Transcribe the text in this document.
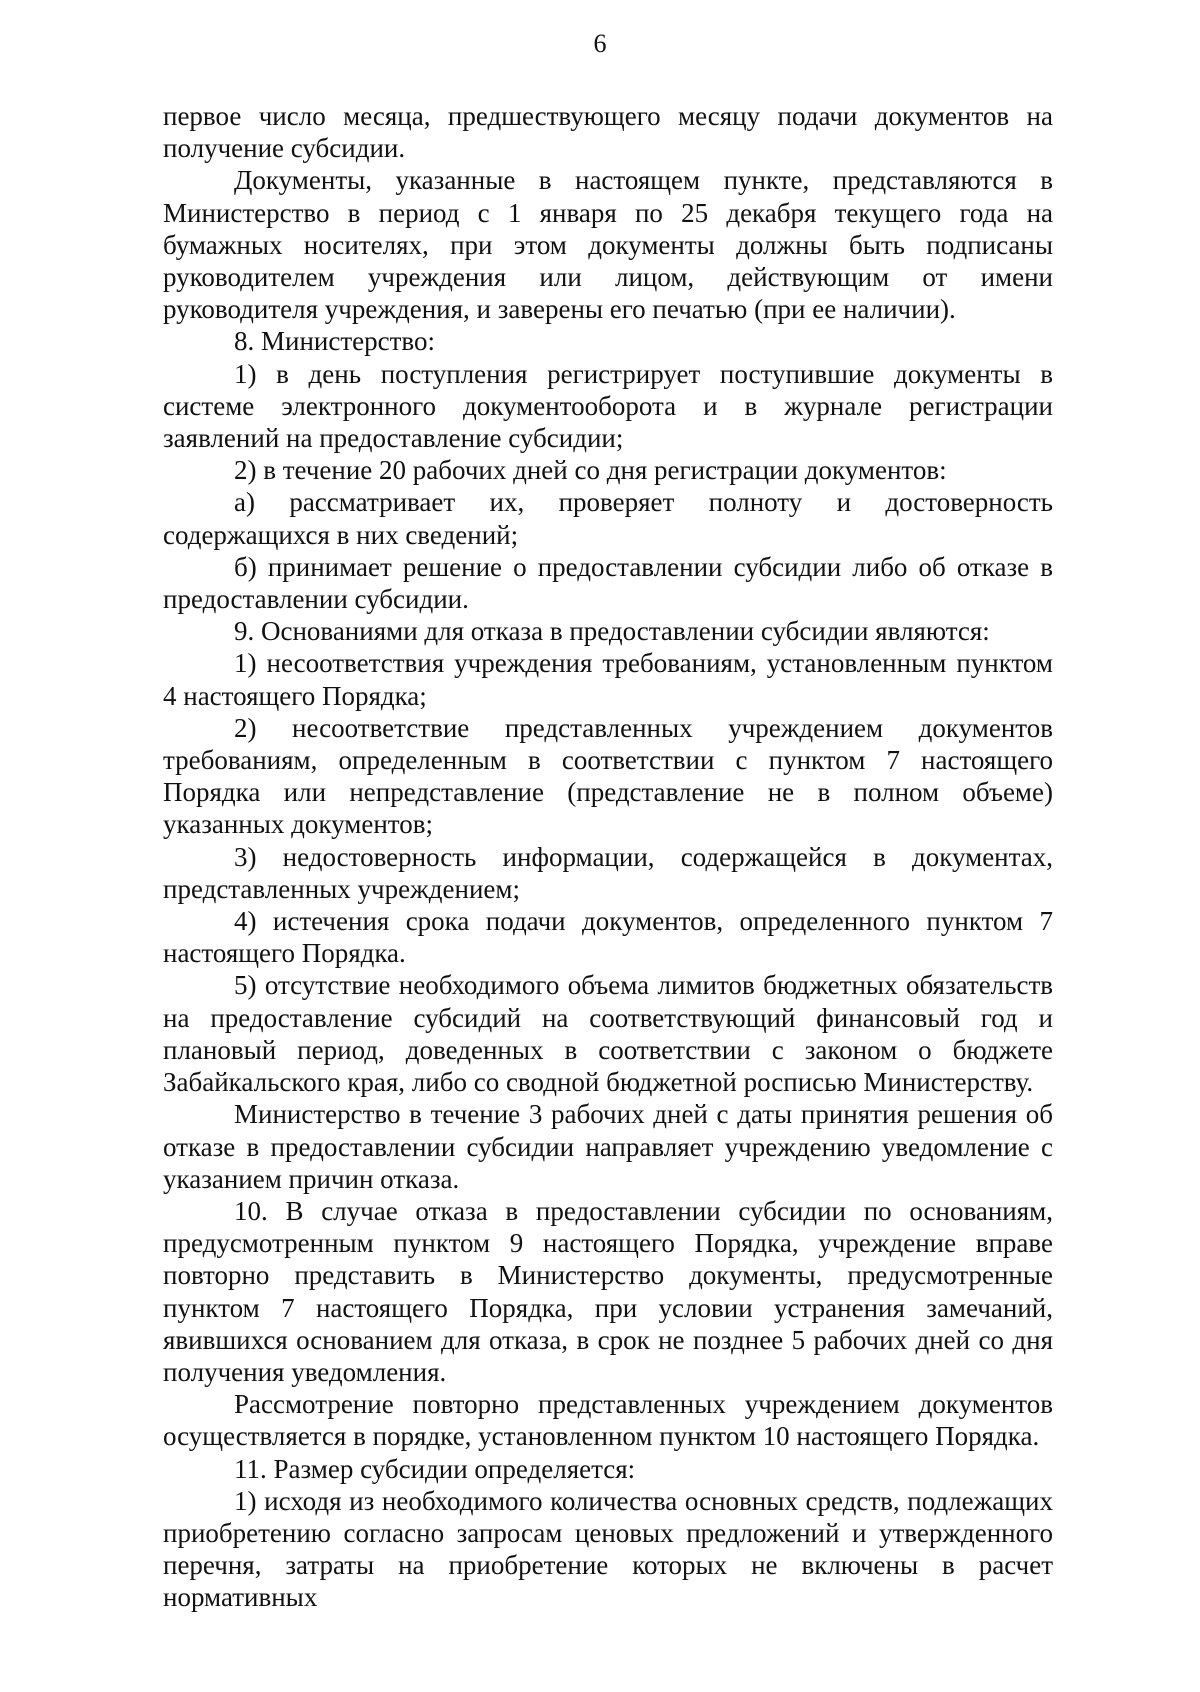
6

первое число месяца, предшествующего месяцу подачи документов на получение субсидии.

Документы, указанные в настоящем пункте, представляются в Министерство в период с 1 января по 25 декабря текущего года на бумажных носителях, при этом документы должны быть подписаны руководителем учреждения или лицом, действующим от имени руководителя учреждения, и заверены его печатью (при ее наличии).

8. Министерство:

1) в день поступления регистрирует поступившие документы в системе электронного документооборота и в журнале регистрации заявлений на предоставление субсидии;

2) в течение 20 рабочих дней со дня регистрации документов:

а) рассматривает их, проверяет полноту и достоверность содержащихся в них сведений;

б) принимает решение о предоставлении субсидии либо об отказе в предоставлении субсидии.

9. Основаниями для отказа в предоставлении субсидии являются:

1) несоответствия учреждения требованиям, установленным пунктом 4 настоящего Порядка;

2) несоответствие представленных учреждением документов требованиям, определенным в соответствии с пунктом 7 настоящего Порядка или непредставление (представление не в полном объеме) указанных документов;

3) недостоверность информации, содержащейся в документах, представленных учреждением;

4) истечения срока подачи документов, определенного пунктом 7 настоящего Порядка.

5) отсутствие необходимого объема лимитов бюджетных обязательств на предоставление субсидий на соответствующий финансовый год и плановый период, доведенных в соответствии с законом о бюджете Забайкальского края, либо со сводной бюджетной росписью Министерству.

Министерство в течение 3 рабочих дней с даты принятия решения об отказе в предоставлении субсидии направляет учреждению уведомление с указанием причин отказа.

10. В случае отказа в предоставлении субсидии по основаниям, предусмотренным пунктом 9 настоящего Порядка, учреждение вправе повторно представить в Министерство документы, предусмотренные пунктом 7 настоящего Порядка, при условии устранения замечаний, явившихся основанием для отказа, в срок не позднее 5 рабочих дней со дня получения уведомления.

Рассмотрение повторно представленных учреждением документов осуществляется в порядке, установленном пунктом 10 настоящего Порядка.

11. Размер субсидии определяется:

1) исходя из необходимого количества основных средств, подлежащих приобретению согласно запросам ценовых предложений и утвержденного перечня, затраты на приобретение которых не включены в расчет нормативных
